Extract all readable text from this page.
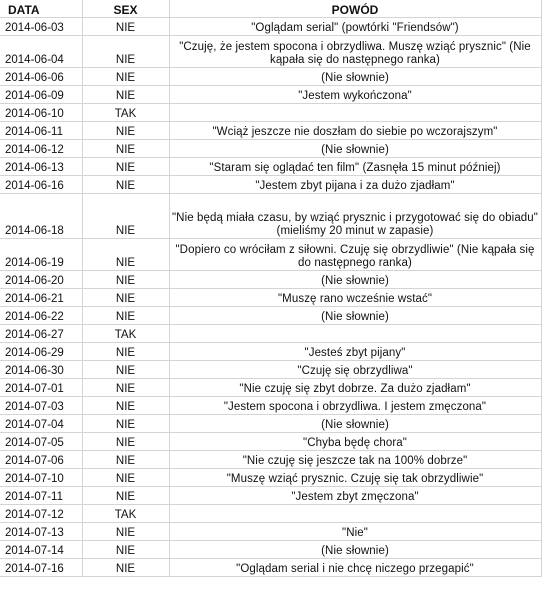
DATA	SEX	POWÓD
2014-06-03	NIE	"Oglądam serial" (powtórki "Friendsów")
2014-06-04	NIE	"Czuję, że jestem spocona i obrzydliwa. Muszę wziąć prysznic" (Nie kąpała się do następnego ranka)
2014-06-06	NIE	(Nie słownie)
2014-06-09	NIE	"Jestem wykończona"
2014-06-10	TAK	
2014-06-11	NIE	"Wciąż jeszcze nie doszłam do siebie po wczorajszym"
2014-06-12	NIE	(Nie słownie)
2014-06-13	NIE	"Staram się oglądać ten film" (Zasnęła 15 minut później)
2014-06-16	NIE	"Jestem zbyt pijana i za dużo zjadłam"
2014-06-18	NIE	"Nie będą miała czasu, by wziąć prysznic i przygotować się do obiadu" (mieliśmy 20 minut w zapasie)
2014-06-19	NIE	"Dopiero co wróciłam z siłowni. Czuję się obrzydliwie" (Nie kąpała się do następnego ranka)
2014-06-20	NIE	(Nie słownie)
2014-06-21	NIE	"Muszę rano wcześnie wstać"
2014-06-22	NIE	(Nie słownie)
2014-06-27	TAK	
2014-06-29	NIE	"Jesteś zbyt pijany"
2014-06-30	NIE	"Czuję się obrzydliwa"
2014-07-01	NIE	"Nie czuję się zbyt dobrze. Za dużo zjadłam"
2014-07-03	NIE	"Jestem spocona i obrzydliwa. I jestem zmęczona"
2014-07-04	NIE	(Nie słownie)
2014-07-05	NIE	"Chyba będę chora"
2014-07-06	NIE	"Nie czuję się jeszcze tak na 100% dobrze"
2014-07-10	NIE	"Muszę wziąć prysznic. Czuję się tak obrzydliwie"
2014-07-11	NIE	"Jestem zbyt zmęczona"
2014-07-12	TAK	
2014-07-13	NIE	"Nie"
2014-07-14	NIE	(Nie słownie)
2014-07-16	NIE	"Oglądam serial i nie chcę niczego przegapić"
